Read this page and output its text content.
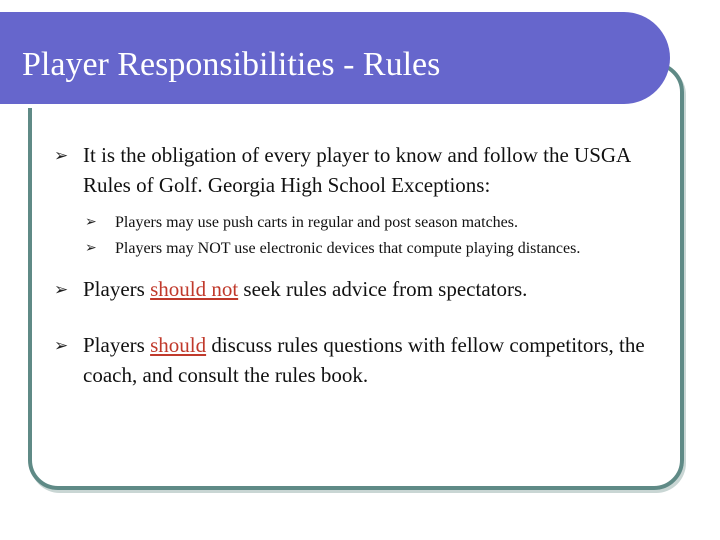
Player Responsibilities - Rules
➢ It is the obligation of every player to know and follow the USGA Rules of Golf. Georgia High School Exceptions:
➢ Players may use push carts in regular and post season matches.
➢ Players may NOT use electronic devices that compute playing distances.
➢ Players should not seek rules advice from spectators.
➢ Players should discuss rules questions with fellow competitors, the coach, and consult the rules book.
